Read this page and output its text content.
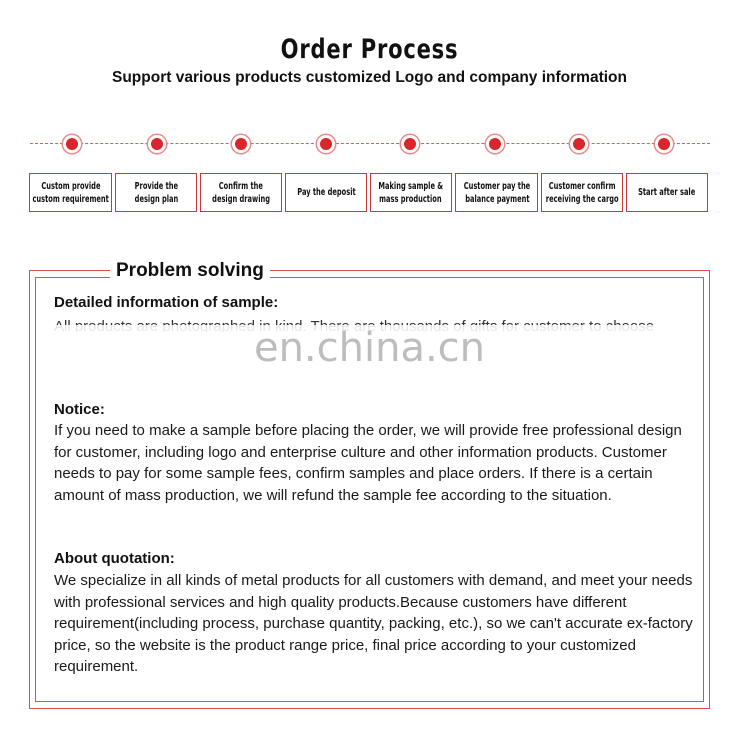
Order Process
Support various products customized Logo and company information
Custom provide
custom requirement
Provide the
design plan
Confirm the
design drawing
Pay the deposit
Making sample &
mass production
Customer pay the
balance payment
Customer confirm
receiving the cargo
Start after sale
Problem solving
Detailed information of sample:
en.china.cn
Notice:
If you need to make a sample before placing the order, we will provide free professional design for customer, including logo and enterprise culture and other information products. Customer needs to pay for some sample fees, confirm samples and place orders. If there is a certain amount of mass production, we will refund the sample fee according to the situation.
About quotation:
We specialize in all kinds of metal products for all customers with demand, and meet your needs with professional services and high quality products.Because customers have different requirement(including process, purchase quantity, packing, etc.), so we can't accurate ex-factory price, so the website is the product range price, final price according to your customized requirement.
